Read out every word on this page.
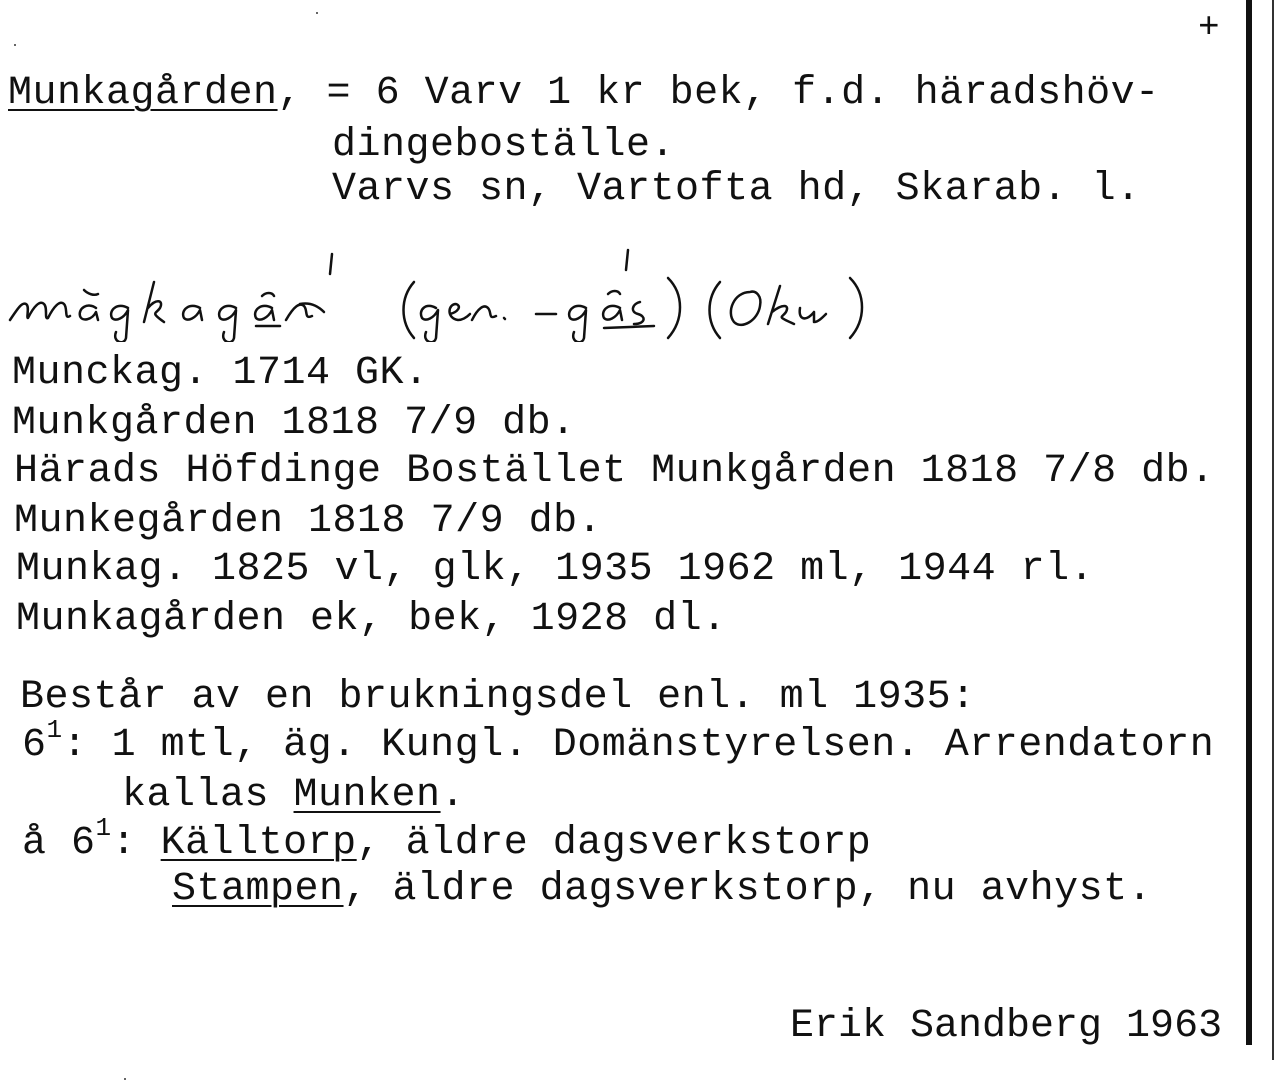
+
Munkagården, = 6 Varv 1 kr bek, f.d. häradshöv-
dingeboställe.
Varvs sn, Vartofta hd, Skarab. l.
Munckag. 1714 GK.
Munkgården 1818 7/9 db.
Härads Höfdinge Bostället Munkgården 1818 7/8 db.
Munkegården 1818 7/9 db.
Munkag. 1825 vl, glk, 1935 1962 ml, 1944 rl.
Munkagården ek, bek, 1928 dl.
Består av en brukningsdel enl. ml 1935:
$6^1$: 1 mtl, äg. Kungl. Domänstyrelsen. Arrendatorn
kallas Munken.
å $6^1$: Källtorp, äldre dagsverkstorp
Stampen, äldre dagsverkstorp, nu avhyst.
Erik Sandberg 1963
